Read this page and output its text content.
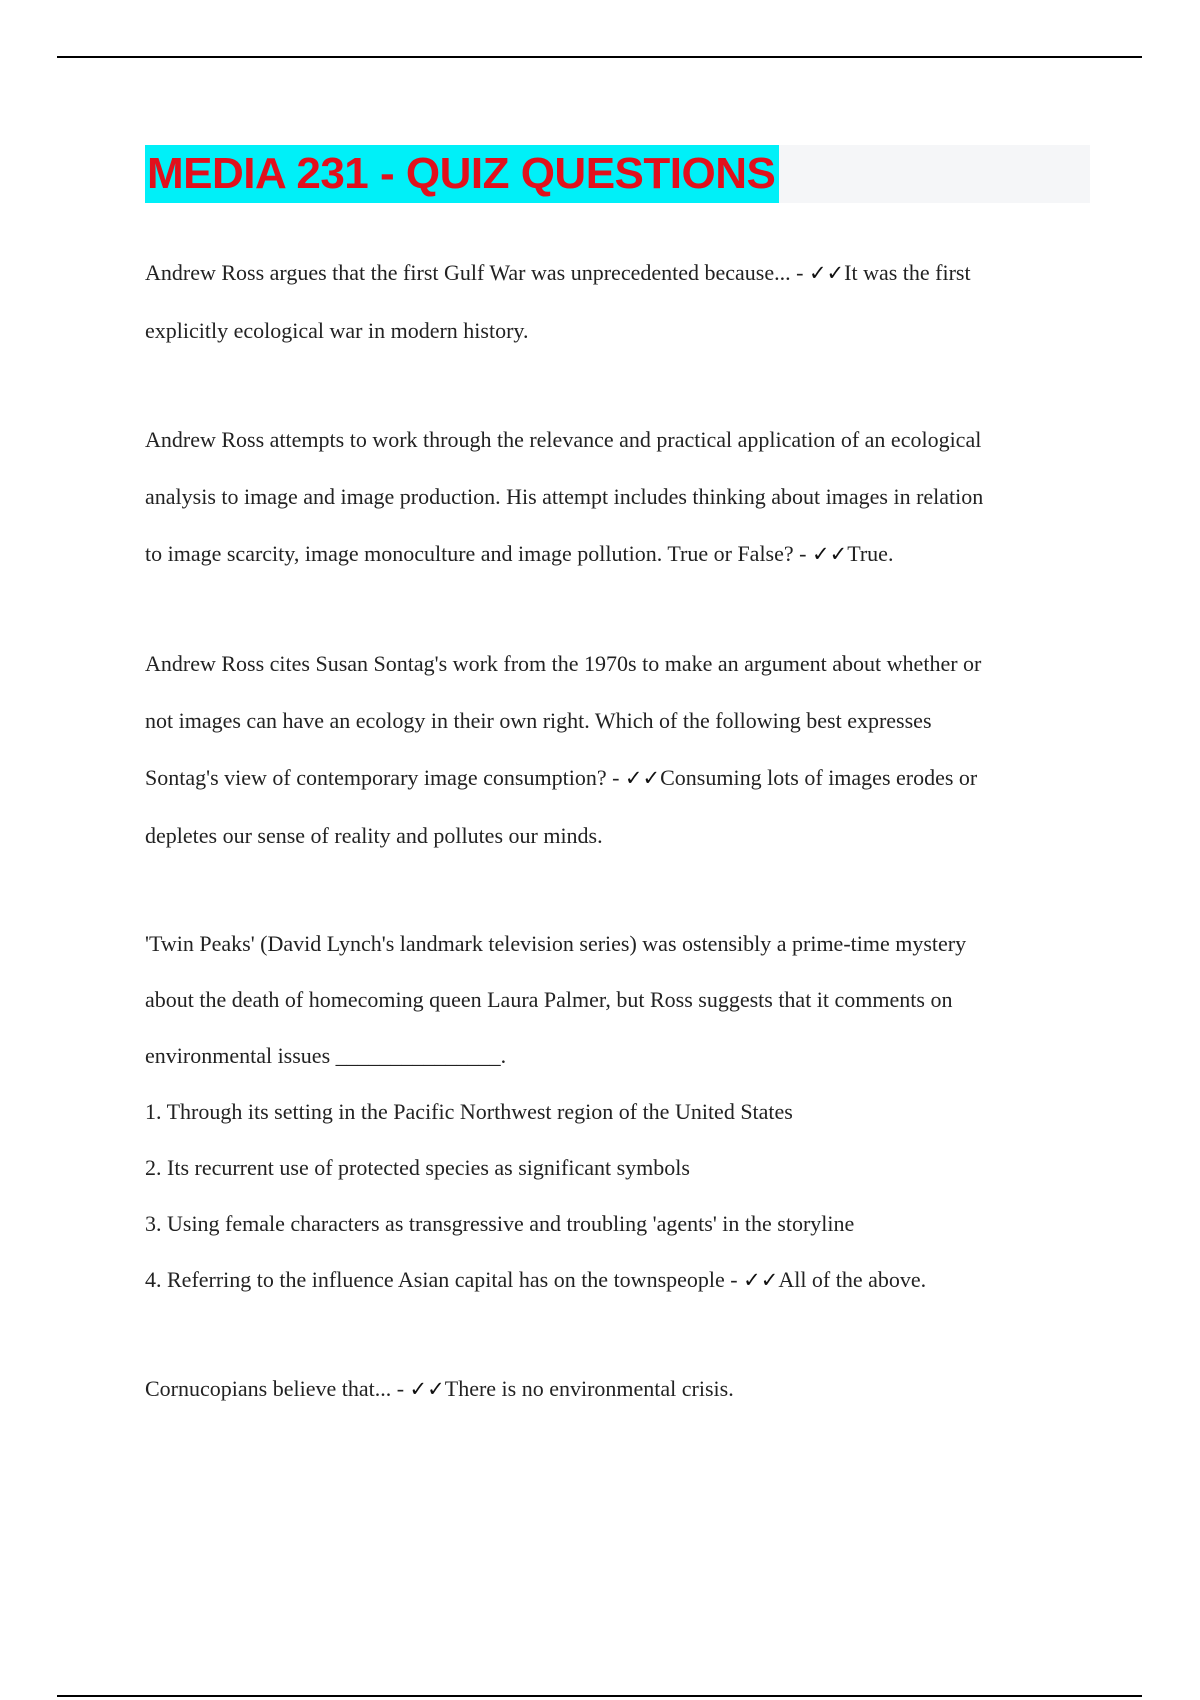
MEDIA 231 - QUIZ QUESTIONS

Andrew Ross argues that the first Gulf War was unprecedented because... - ✓✓It was the first
explicitly ecological war in modern history.

Andrew Ross attempts to work through the relevance and practical application of an ecological
analysis to image and image production. His attempt includes thinking about images in relation
to image scarcity, image monoculture and image pollution. True or False? - ✓✓True.

Andrew Ross cites Susan Sontag's work from the 1970s to make an argument about whether or
not images can have an ecology in their own right. Which of the following best expresses
Sontag's view of contemporary image consumption? - ✓✓Consuming lots of images erodes or
depletes our sense of reality and pollutes our minds.

'Twin Peaks' (David Lynch's landmark television series) was ostensibly a prime-time mystery
about the death of homecoming queen Laura Palmer, but Ross suggests that it comments on
environmental issues _______________.
1. Through its setting in the Pacific Northwest region of the United States
2. Its recurrent use of protected species as significant symbols
3. Using female characters as transgressive and troubling 'agents' in the storyline
4. Referring to the influence Asian capital has on the townspeople - ✓✓All of the above.

Cornucopians believe that... - ✓✓There is no environmental crisis.
